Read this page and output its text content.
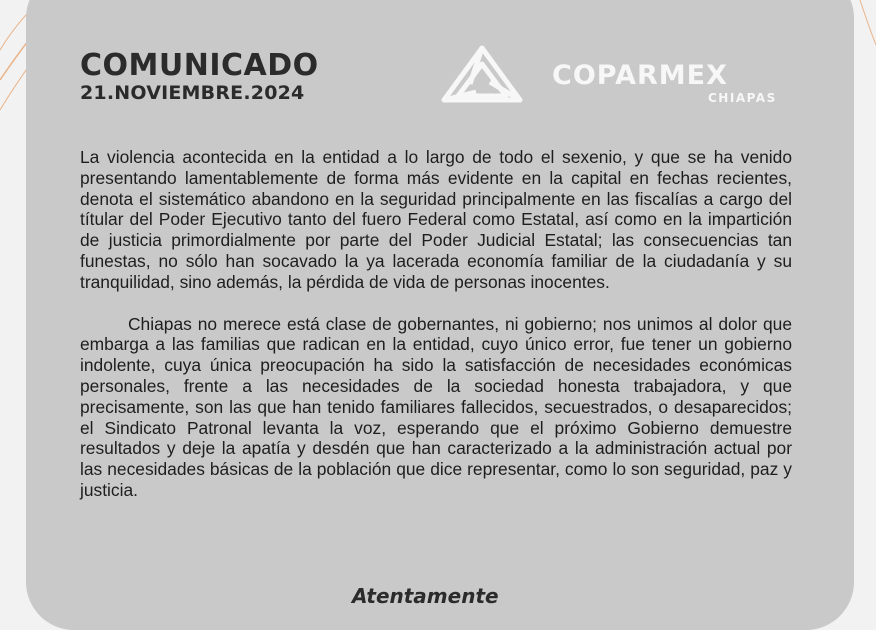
COMUNICADO
21.NOVIEMBRE.2024
COPARMEX
CHIAPAS

La violencia acontecida en la entidad a lo largo de todo el sexenio, y que se ha venido presentando lamentablemente de forma más evidente en la capital en fechas recientes, denota el sistemático abandono en la seguridad principalmente en las fiscalías a cargo del títular del Poder Ejecutivo tanto del fuero Federal como Estatal, así como en la impartición de justicia primordialmente por parte del Poder Judicial Estatal; las consecuencias tan funestas, no sólo han socavado la ya lacerada economía familiar de la ciudadanía y su tranquilidad, sino además, la pérdida de vida de personas inocentes.

Chiapas no merece está clase de gobernantes, ni gobierno; nos unimos al dolor que embarga a las familias que radican en la entidad, cuyo único error, fue tener un gobierno indolente, cuya única preocupación ha sido la satisfacción de necesidades económicas personales, frente a las necesidades de la sociedad honesta trabajadora, y que precisamente, son las que han tenido familiares fallecidos, secuestrados, o desaparecidos; el Sindicato Patronal levanta la voz, esperando que el próximo Gobierno demuestre resultados y deje la apatía y desdén que han caracterizado a la administración actual por las necesidades básicas de la población que dice representar, como lo son seguridad, paz y justicia.

Atentamente
